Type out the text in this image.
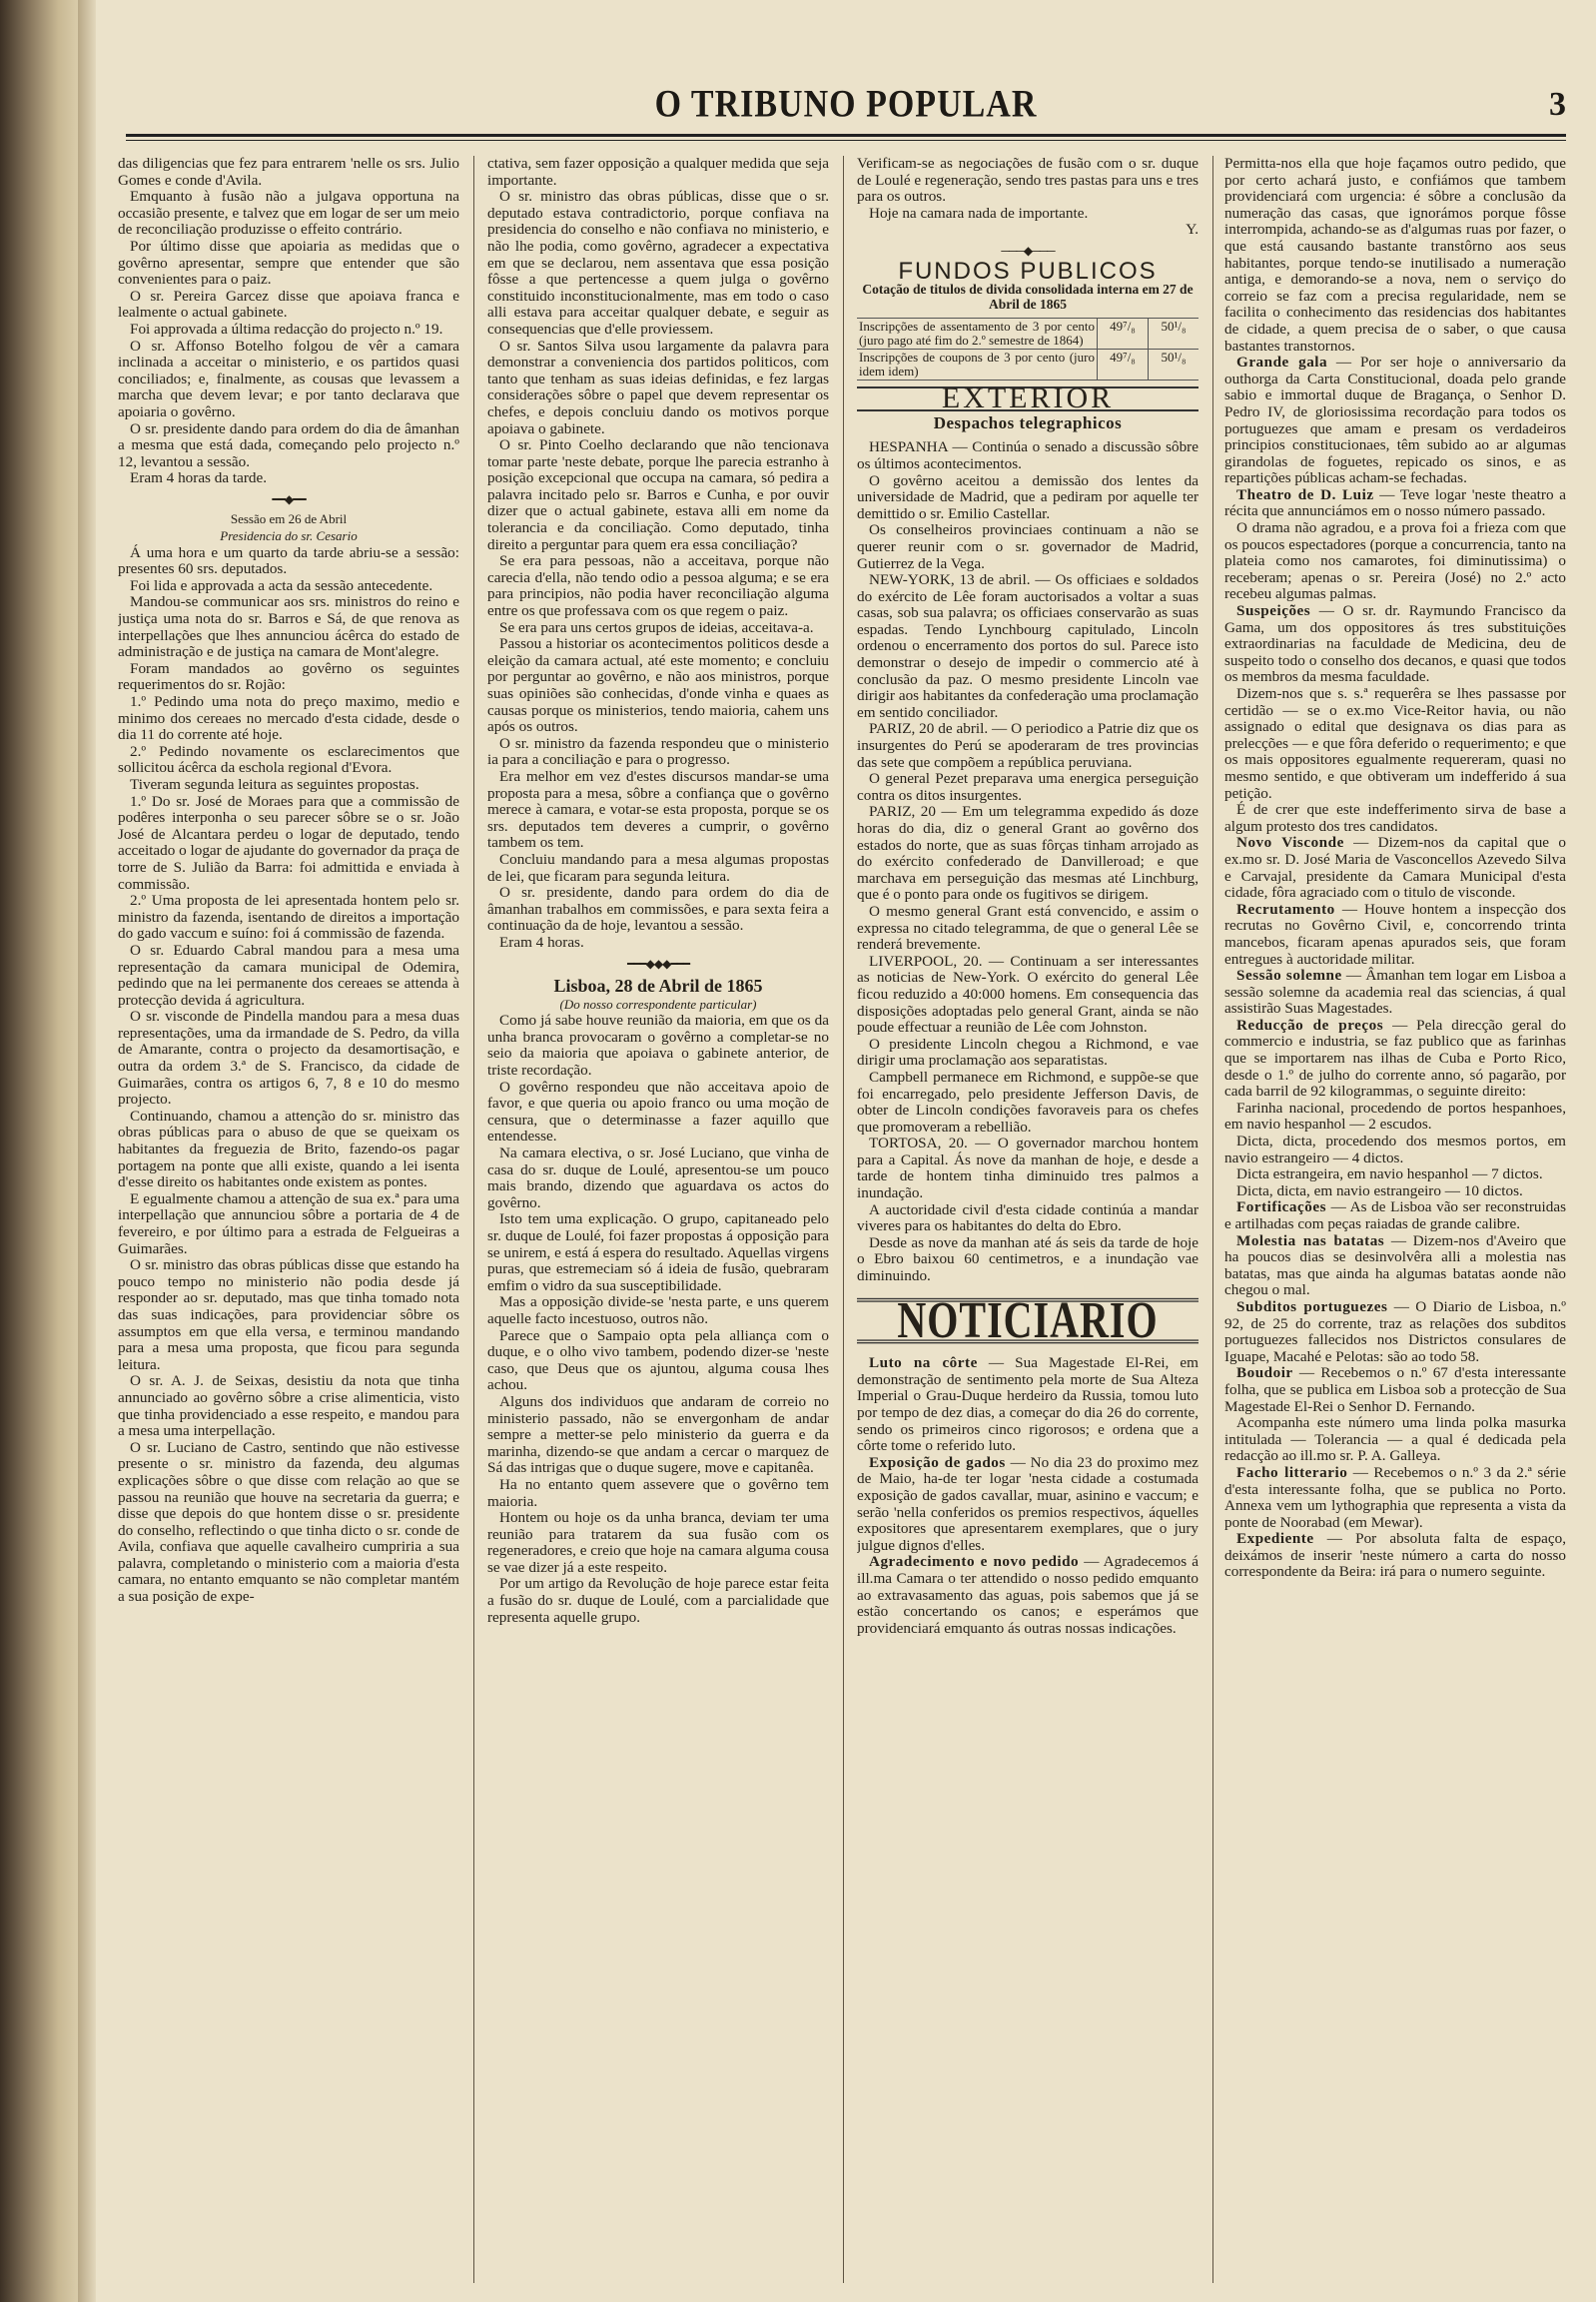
O TRIBUNO POPULAR	3

das diligencias que fez para entrarem 'nelle os srs. Julio Gomes e conde d'Avila.

Emquanto à fusão não a julgava opportuna na occasião presente, e talvez que em logar de ser um meio de reconciliação produzisse o effeito contrário.

Por último disse que apoiaria as medidas que o govêrno apresentar, sempre que entender que são convenientes para o paiz.

O sr. Pereira Garcez disse que apoiava franca e lealmente o actual gabinete.

Foi approvada a última redacção do projecto n.º 19.

O sr. Affonso Botelho folgou de vêr a camara inclinada a acceitar o ministerio, e os partidos quasi conciliados; e, finalmente, as cousas que levassem a marcha que devem levar; e por tanto declarava que apoiaria o govêrno.

O sr. presidente dando para ordem do dia de âmanhan a mesma que está dada, começando pelo projecto n.º 12, levantou a sessão.

Eram 4 horas da tarde.

━━◆━━

Sessão em 26 de Abril

Presidencia do sr. Cesario

Á uma hora e um quarto da tarde abriu-se a sessão: presentes 60 srs. deputados.

Foi lida e approvada a acta da sessão antecedente.

Mandou-se communicar aos srs. ministros do reino e justiça uma nota do sr. Barros e Sá, de que renova as interpellações que lhes annunciou ácêrca do estado de administração e de justiça na camara de Mont'alegre.

Foram mandados ao govêrno os seguintes requerimentos do sr. Rojão:

1.º Pedindo uma nota do preço maximo, medio e minimo dos cereaes no mercado d'esta cidade, desde o dia 11 do corrente até hoje.

2.º Pedindo novamente os esclarecimentos que sollicitou ácêrca da eschola regional d'Evora.

Tiveram segunda leitura as seguintes propostas.

1.º Do sr. José de Moraes para que a commissão de podêres interponha o seu parecer sôbre se o sr. João José de Alcantara perdeu o logar de deputado, tendo acceitado o logar de ajudante do governador da praça de torre de S. Julião da Barra: foi admittida e enviada à commissão.

2.º Uma proposta de lei apresentada hontem pelo sr. ministro da fazenda, isentando de direitos a importação do gado vaccum e suíno: foi á commissão de fazenda.

O sr. Eduardo Cabral mandou para a mesa uma representação da camara municipal de Odemira, pedindo que na lei permanente dos cereaes se attenda à protecção devida á agricultura.

O sr. visconde de Pindella mandou para a mesa duas representações, uma da irmandade de S. Pedro, da villa de Amarante, contra o projecto da desamortisação, e outra da ordem 3.ª de S. Francisco, da cidade de Guimarães, contra os artigos 6, 7, 8 e 10 do mesmo projecto.

Continuando, chamou a attenção do sr. ministro das obras públicas para o abuso de que se queixam os habitantes da freguezia de Brito, fazendo-os pagar portagem na ponte que alli existe, quando a lei isenta d'esse direito os habitantes onde existem as pontes.

E egualmente chamou a attenção de sua ex.ª para uma interpellação que annunciou sôbre a portaria de 4 de fevereiro, e por último para a estrada de Felgueiras a Guimarães.

O sr. ministro das obras públicas disse que estando ha pouco tempo no ministerio não podia desde já responder ao sr. deputado, mas que tinha tomado nota das suas indicações, para providenciar sôbre os assumptos em que ella versa, e terminou mandando para a mesa uma proposta, que ficou para segunda leitura.

O sr. A. J. de Seixas, desistiu da nota que tinha annunciado ao govêrno sôbre a crise alimenticia, visto que tinha providenciado a esse respeito, e mandou para a mesa uma interpellação.

O sr. Luciano de Castro, sentindo que não estivesse presente o sr. ministro da fazenda, deu algumas explicações sôbre o que disse com relação ao que se passou na reunião que houve na secretaria da guerra; e disse que depois do que hontem disse o sr. presidente do conselho, reflectindo o que tinha dicto o sr. conde de Avila, confiava que aquelle cavalheiro cumpriria a sua palavra, completando o ministerio com a maioria d'esta camara, no entanto emquanto se não completar mantém a sua posição de expe-

ctativa, sem fazer opposição a qualquer medida que seja importante.

O sr. ministro das obras públicas, disse que o sr. deputado estava contradictorio, porque confiava na presidencia do conselho e não confiava no ministerio, e não lhe podia, como govêrno, agradecer a expectativa em que se declarou, nem assentava que essa posição fôsse a que pertencesse a quem julga o govêrno constituido inconstitucionalmente, mas em todo o caso alli estava para acceitar qualquer debate, e seguir as consequencias que d'elle proviessem.

O sr. Santos Silva usou largamente da palavra para demonstrar a conveniencia dos partidos politicos, com tanto que tenham as suas ideias definidas, e fez largas considerações sôbre o papel que devem representar os chefes, e depois concluiu dando os motivos porque apoiava o gabinete.

O sr. Pinto Coelho declarando que não tencionava tomar parte 'neste debate, porque lhe parecia estranho à posição excepcional que occupa na camara, só pedira a palavra incitado pelo sr. Barros e Cunha, e por ouvir dizer que o actual gabinete, estava alli em nome da tolerancia e da conciliação. Como deputado, tinha direito a perguntar para quem era essa conciliação?

Se era para pessoas, não a acceitava, porque não carecia d'ella, não tendo odio a pessoa alguma; e se era para principios, não podia haver reconciliação alguma entre os que professava com os que regem o paiz.

Se era para uns certos grupos de ideias, acceitava-a.

Passou a historiar os acontecimentos politicos desde a eleição da camara actual, até este momento; e concluiu por perguntar ao govêrno, e não aos ministros, porque suas opiniões são conhecidas, d'onde vinha e quaes as causas porque os ministerios, tendo maioria, cahem uns após os outros.

O sr. ministro da fazenda respondeu que o ministerio ia para a conciliação e para o progresso.

Era melhor em vez d'estes discursos mandar-se uma proposta para a mesa, sôbre a confiança que o govêrno merece à camara, e votar-se esta proposta, porque se os srs. deputados tem deveres a cumprir, o govêrno tambem os tem.

Concluiu mandando para a mesa algumas propostas de lei, que ficaram para segunda leitura.

O sr. presidente, dando para ordem do dia de âmanhan trabalhos em commissões, e para sexta feira a continuação da de hoje, levantou a sessão.

Eram 4 horas.

━━━◆◆◆━━━
Lisboa, 28 de Abril de 1865

(Do nosso correspondente particular)

Como já sabe houve reunião da maioria, em que os da unha branca provocaram o govêrno a completar-se no seio da maioria que apoiava o gabinete anterior, de triste recordação.

O govêrno respondeu que não acceitava apoio de favor, e que queria ou apoio franco ou uma moção de censura, que o determinasse a fazer aquillo que entendesse.

Na camara electiva, o sr. José Luciano, que vinha de casa do sr. duque de Loulé, apresentou-se um pouco mais brando, dizendo que aguardava os actos do govêrno.

Isto tem uma explicação. O grupo, capitaneado pelo sr. duque de Loulé, foi fazer propostas á opposição para se unirem, e está á espera do resultado. Aquellas virgens puras, que estremeciam só á ideia de fusão, quebraram emfim o vidro da sua susceptibilidade.

Mas a opposição divide-se 'nesta parte, e uns querem aquelle facto incestuoso, outros não.

Parece que o Sampaio opta pela alliança com o duque, e o olho vivo tambem, podendo dizer-se 'neste caso, que Deus que os ajuntou, alguma cousa lhes achou.

Alguns dos individuos que andaram de correio no ministerio passado, não se envergonham de andar sempre a metter-se pelo ministerio da guerra e da marinha, dizendo-se que andam a cercar o marquez de Sá das intrigas que o duque sugere, move e capitanêa.

Ha no entanto quem assevere que o govêrno tem maioria.

Hontem ou hoje os da unha branca, deviam ter uma reunião para tratarem da sua fusão com os regeneradores, e creio que hoje na camara alguma cousa se vae dizer já a este respeito.

Por um artigo da Revolução de hoje parece estar feita a fusão do sr. duque de Loulé, com a parcialidade que representa aquelle grupo.

Verificam-se as negociações de fusão com o sr. duque de Loulé e regeneração, sendo tres pastas para uns e tres para os outros.

Hoje na camara nada de importante.

Y.

───◆───
FUNDOS PUBLICOS
Cotação de titulos de divida consolidada interna em 27 de Abril de 1865
Inscripções de assentamento de 3 por cento (juro pago até fim do 2.º semestre de 1864)	49⁷/₈	50¹/₈
Inscripções de coupons de 3 por cento (juro idem idem)	49⁷/₈	50¹/₈
EXTERIOR
Despachos telegraphicos

HESPANHA — Continúa o senado a discussão sôbre os últimos acontecimentos.

O govêrno aceitou a demissão dos lentes da universidade de Madrid, que a pediram por aquelle ter demittido o sr. Emilio Castellar.

Os conselheiros provinciaes continuam a não se querer reunir com o sr. governador de Madrid, Gutierrez de la Vega.

NEW-YORK, 13 de abril. — Os officiaes e soldados do exército de Lêe foram auctorisados a voltar a suas casas, sob sua palavra; os officiaes conservarão as suas espadas. Tendo Lynchbourg capitulado, Lincoln ordenou o encerramento dos portos do sul. Parece isto demonstrar o desejo de impedir o commercio até à conclusão da paz. O mesmo presidente Lincoln vae dirigir aos habitantes da confederação uma proclamação em sentido conciliador.

PARIZ, 20 de abril. — O periodico a Patrie diz que os insurgentes do Perú se apoderaram de tres provincias das sete que compõem a república peruviana.

O general Pezet preparava uma energica perseguição contra os ditos insurgentes.

PARIZ, 20 — Em um telegramma expedido ás doze horas do dia, diz o general Grant ao govêrno dos estados do norte, que as suas fôrças tinham arrojado as do exército confederado de Danvillerоad; e que marchava em perseguição das mesmas até Linchburg, que é o ponto para onde os fugitivos se dirigem.

O mesmo general Grant está convencido, e assim o expressa no citado telegramma, de que o general Lêe se renderá brevemente.

LIVERPOOL, 20. — Continuam a ser interessantes as noticias de New-York. O exército do general Lêe ficou reduzido a 40:000 homens. Em consequencia das disposições adoptadas pelo general Grant, ainda se não poude effectuar a reunião de Lêe com Johnston.

O presidente Lincoln chegou a Richmond, e vae dirigir uma proclamação aos separatistas.

Campbell permanece em Richmond, e suppõe-se que foi encarregado, pelo presidente Jefferson Davis, de obter de Lincoln condições favoraveis para os chefes que promoveram a rebellião.

TORTOSA, 20. — O governador marchou hontem para a Capital. Ás nove da manhan de hoje, e desde a tarde de hontem tinha diminuido tres palmos a inundação.

A auctoridade civil d'esta cidade continúa a mandar viveres para os habitantes do delta do Ebro.

Desde as nove da manhan até ás seis da tarde de hoje o Ebro baixou 60 centimetros, e a inundação vae diminuindo.

NOTICIARIO

Luto na côrte — Sua Magestade El-Rei, em demonstração de sentimento pela morte de Sua Alteza Imperial o Grau-Duque herdeiro da Russia, tomou luto por tempo de dez dias, a começar do dia 26 do corrente, sendo os primeiros cinco rigorosos; e ordena que a côrte tome o referido luto.

Exposição de gados — No dia 23 do proximo mez de Maio, ha-de ter logar 'nesta cidade a costumada exposição de gados cavallar, muar, asinino e vaccum; e serão 'nella conferidos os premios respectivos, áquelles expositores que apresentarem exemplares, que o jury julgue dignos d'elles.

Agradecimento e novo pedido — Agradecemos á ill.ma Camara o ter attendido o nosso pedido emquanto ao extravasamento das aguas, pois sabemos que já se estão concertando os canos; e esperámos que providenciará emquanto ás outras nossas indicações.

Permitta-nos ella que hoje façamos outro pedido, que por certo achará justo, e confiámos que tambem providenciará com urgencia: é sôbre a conclusão da numeração das casas, que ignorámos porque fôsse interrompida, achando-se as d'algumas ruas por fazer, o que está causando bastante transtôrno aos seus habitantes, porque tendo-se inutilisado a numeração antiga, e demorando-se a nova, nem o serviço do correio se faz com a precisa regularidade, nem se facilita o conhecimento das residencias dos habitantes de cidade, a quem precisa de o saber, o que causa bastantes transtornos.

Grande gala — Por ser hoje o anniversario da outhorga da Carta Constitucional, doada pelo grande sabio e immortal duque de Bragança, o Senhor D. Pedro IV, de gloriosissima recordação para todos os portuguezes que amam e presam os verdadeiros principios constitucionaes, têm subido ao ar algumas girandolas de foguetes, repicado os sinos, e as repartições públicas acham-se fechadas.

Theatro de D. Luiz — Teve logar 'neste theatro a récita que annunciámos em o nosso número passado.

O drama não agradou, e a prova foi a frieza com que os poucos espectadores (porque a concurrencia, tanto na plateia como nos camarotes, foi diminutissima) o receberam; apenas o sr. Pereira (José) no 2.º acto recebeu algumas palmas.

Suspeições — O sr. dr. Raymundo Francisco da Gama, um dos oppositores ás tres substituições extraordinarias na faculdade de Medicina, deu de suspeito todo o conselho dos decanos, e quasi que todos os membros da mesma faculdade.

Dizem-nos que s. s.ª requerêra se lhes passasse por certidão — se o ex.mo Vice-Reitor havia, ou não assignado o edital que designava os dias para as prelecções — e que fôra deferido o requerimento; e que os mais oppositores egualmente requereram, quasi no mesmo sentido, e que obtiveram um indefferido á sua petição.

É de crer que este indefferimento sirva de base a algum protesto dos tres candidatos.

Novo Visconde — Dizem-nos da capital que o ex.mo sr. D. José Maria de Vasconcellos Azevedo Silva e Carvajal, presidente da Camara Municipal d'esta cidade, fôra agraciado com o titulo de visconde.

Recrutamento — Houve hontem a inspecção dos recrutas no Govêrno Civil, e, concorrendo trinta mancebos, ficaram apenas apurados seis, que foram entregues à auctoridade militar.

Sessão solemne — Âmanhan tem logar em Lisboa a sessão solemne da academia real das sciencias, á qual assistirão Suas Magestades.

Reducção de preços — Pela direcção geral do commercio e industria, se faz publico que as farinhas que se importarem nas ilhas de Cuba e Porto Rico, desde o 1.º de julho do corrente anno, só pagarão, por cada barril de 92 kilogrammas, o seguinte direito:

Farinha nacional, procedendo de portos hespanhoes, em navio hespanhol — 2 escudos.

Dicta, dicta, procedendo dos mesmos portos, em navio estrangeiro — 4 dictos.

Dicta estrangeira, em navio hespanhol — 7 dictos.

Dicta, dicta, em navio estrangeiro — 10 dictos.

Fortificações — As de Lisboa vão ser reconstruidas e artilhadas com peças raiadas de grande calibre.

Molestia nas batatas — Dizem-nos d'Aveiro que ha poucos dias se desinvolvêra alli a molestia nas batatas, mas que ainda ha algumas batatas aonde não chegou o mal.

Subditos portuguezes — O Diario de Lisboa, n.º 92, de 25 do corrente, traz as relações dos subditos portuguezes fallecidos nos Districtos consulares de Iguape, Macahé e Pelotas: são ao todo 58.

Boudoir — Recebemos o n.º 67 d'esta interessante folha, que se publica em Lisboa sob a protecção de Sua Magestade El-Rei o Senhor D. Fernando.

Acompanha este número uma linda polka masurka intitulada — Tolerancia — a qual é dedicada pela redacção ao ill.mo sr. P. A. Galleya.

Facho litterario — Recebemos o n.º 3 da 2.ª série d'esta interessante folha, que se publica no Porto. Annexa vem um lythographia que representa a vista da ponte de Noorabad (em Mewar).

Expediente — Por absoluta falta de espaço, deixámos de inserir 'neste número a carta do nosso correspondente da Beira: irá para o numero seguinte.
